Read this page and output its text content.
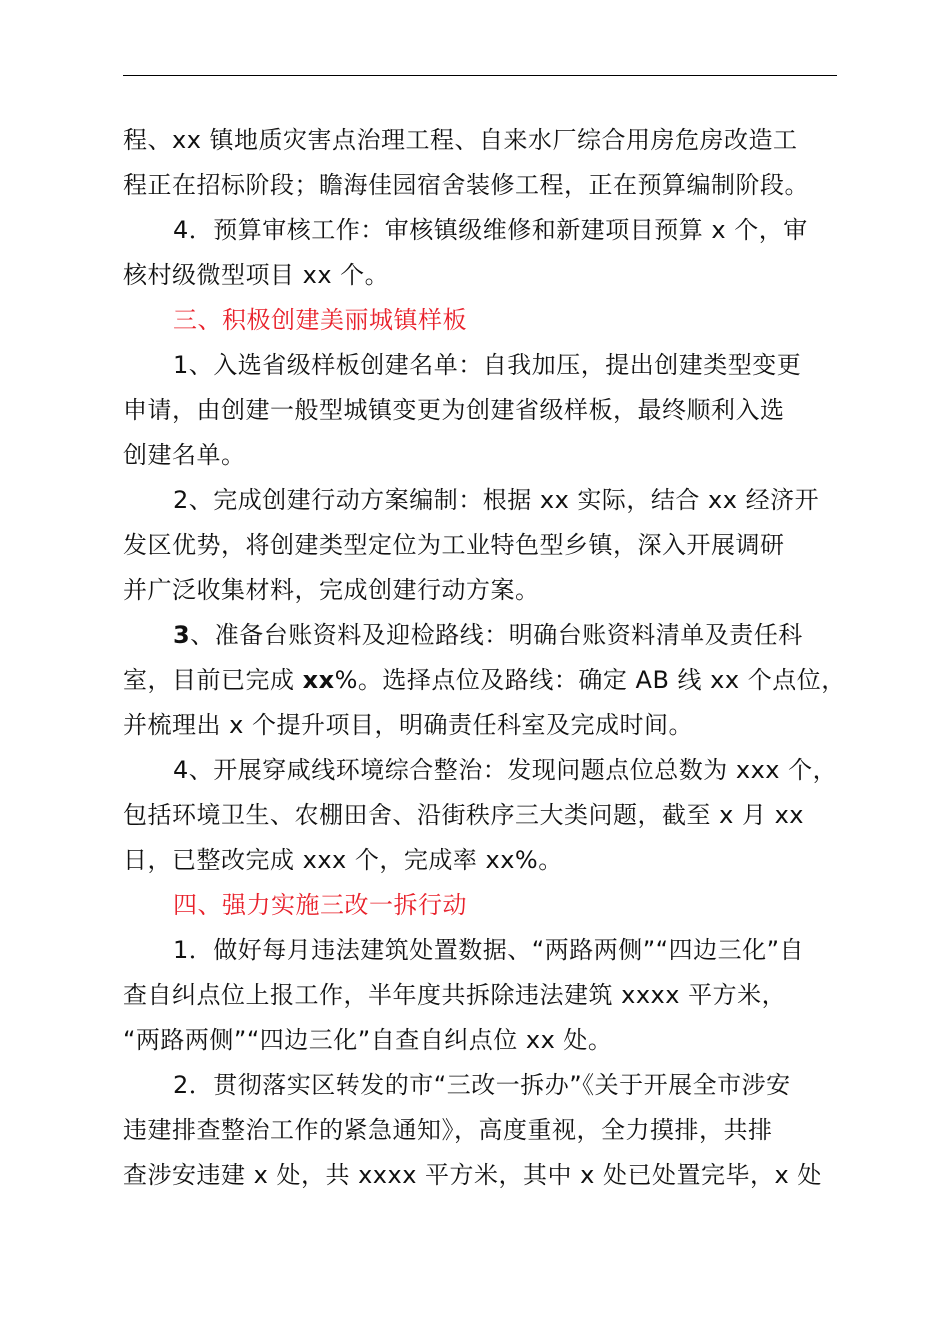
程、xx 镇地质灾害点治理工程、自来水厂综合用房危房改造工
程正在招标阶段；瞻海佳园宿舍装修工程，正在预算编制阶段。
4．预算审核工作：审核镇级维修和新建项目预算 x 个，审
核村级微型项目 xx 个。
三、积极创建美丽城镇样板
1、入选省级样板创建名单：自我加压，提出创建类型变更
申请，由创建一般型城镇变更为创建省级样板，最终顺利入选
创建名单。
2、完成创建行动方案编制：根据 xx 实际，结合 xx 经济开
发区优势，将创建类型定位为工业特色型乡镇，深入开展调研
并广泛收集材料，完成创建行动方案。
3、准备台账资料及迎检路线：明确台账资料清单及责任科
室，目前已完成 xx%。选择点位及路线：确定 AB 线 xx 个点位，
并梳理出 x 个提升项目，明确责任科室及完成时间。
4、开展穿咸线环境综合整治：发现问题点位总数为 xxx 个，
包括环境卫生、农棚田舍、沿街秩序三大类问题，截至 x 月 xx
日，已整改完成 xxx 个，完成率 xx%。
四、强力实施三改一拆行动
1．做好每月违法建筑处置数据、“两路两侧”“四边三化”自
查自纠点位上报工作，半年度共拆除违法建筑 xxxx 平方米，
“两路两侧”“四边三化”自查自纠点位 xx 处。
2．贯彻落实区转发的市“三改一拆办”《关于开展全市涉安
违建排查整治工作的紧急通知》，高度重视，全力摸排，共排
查涉安违建 x 处，共 xxxx 平方米，其中 x 处已处置完毕，x 处
